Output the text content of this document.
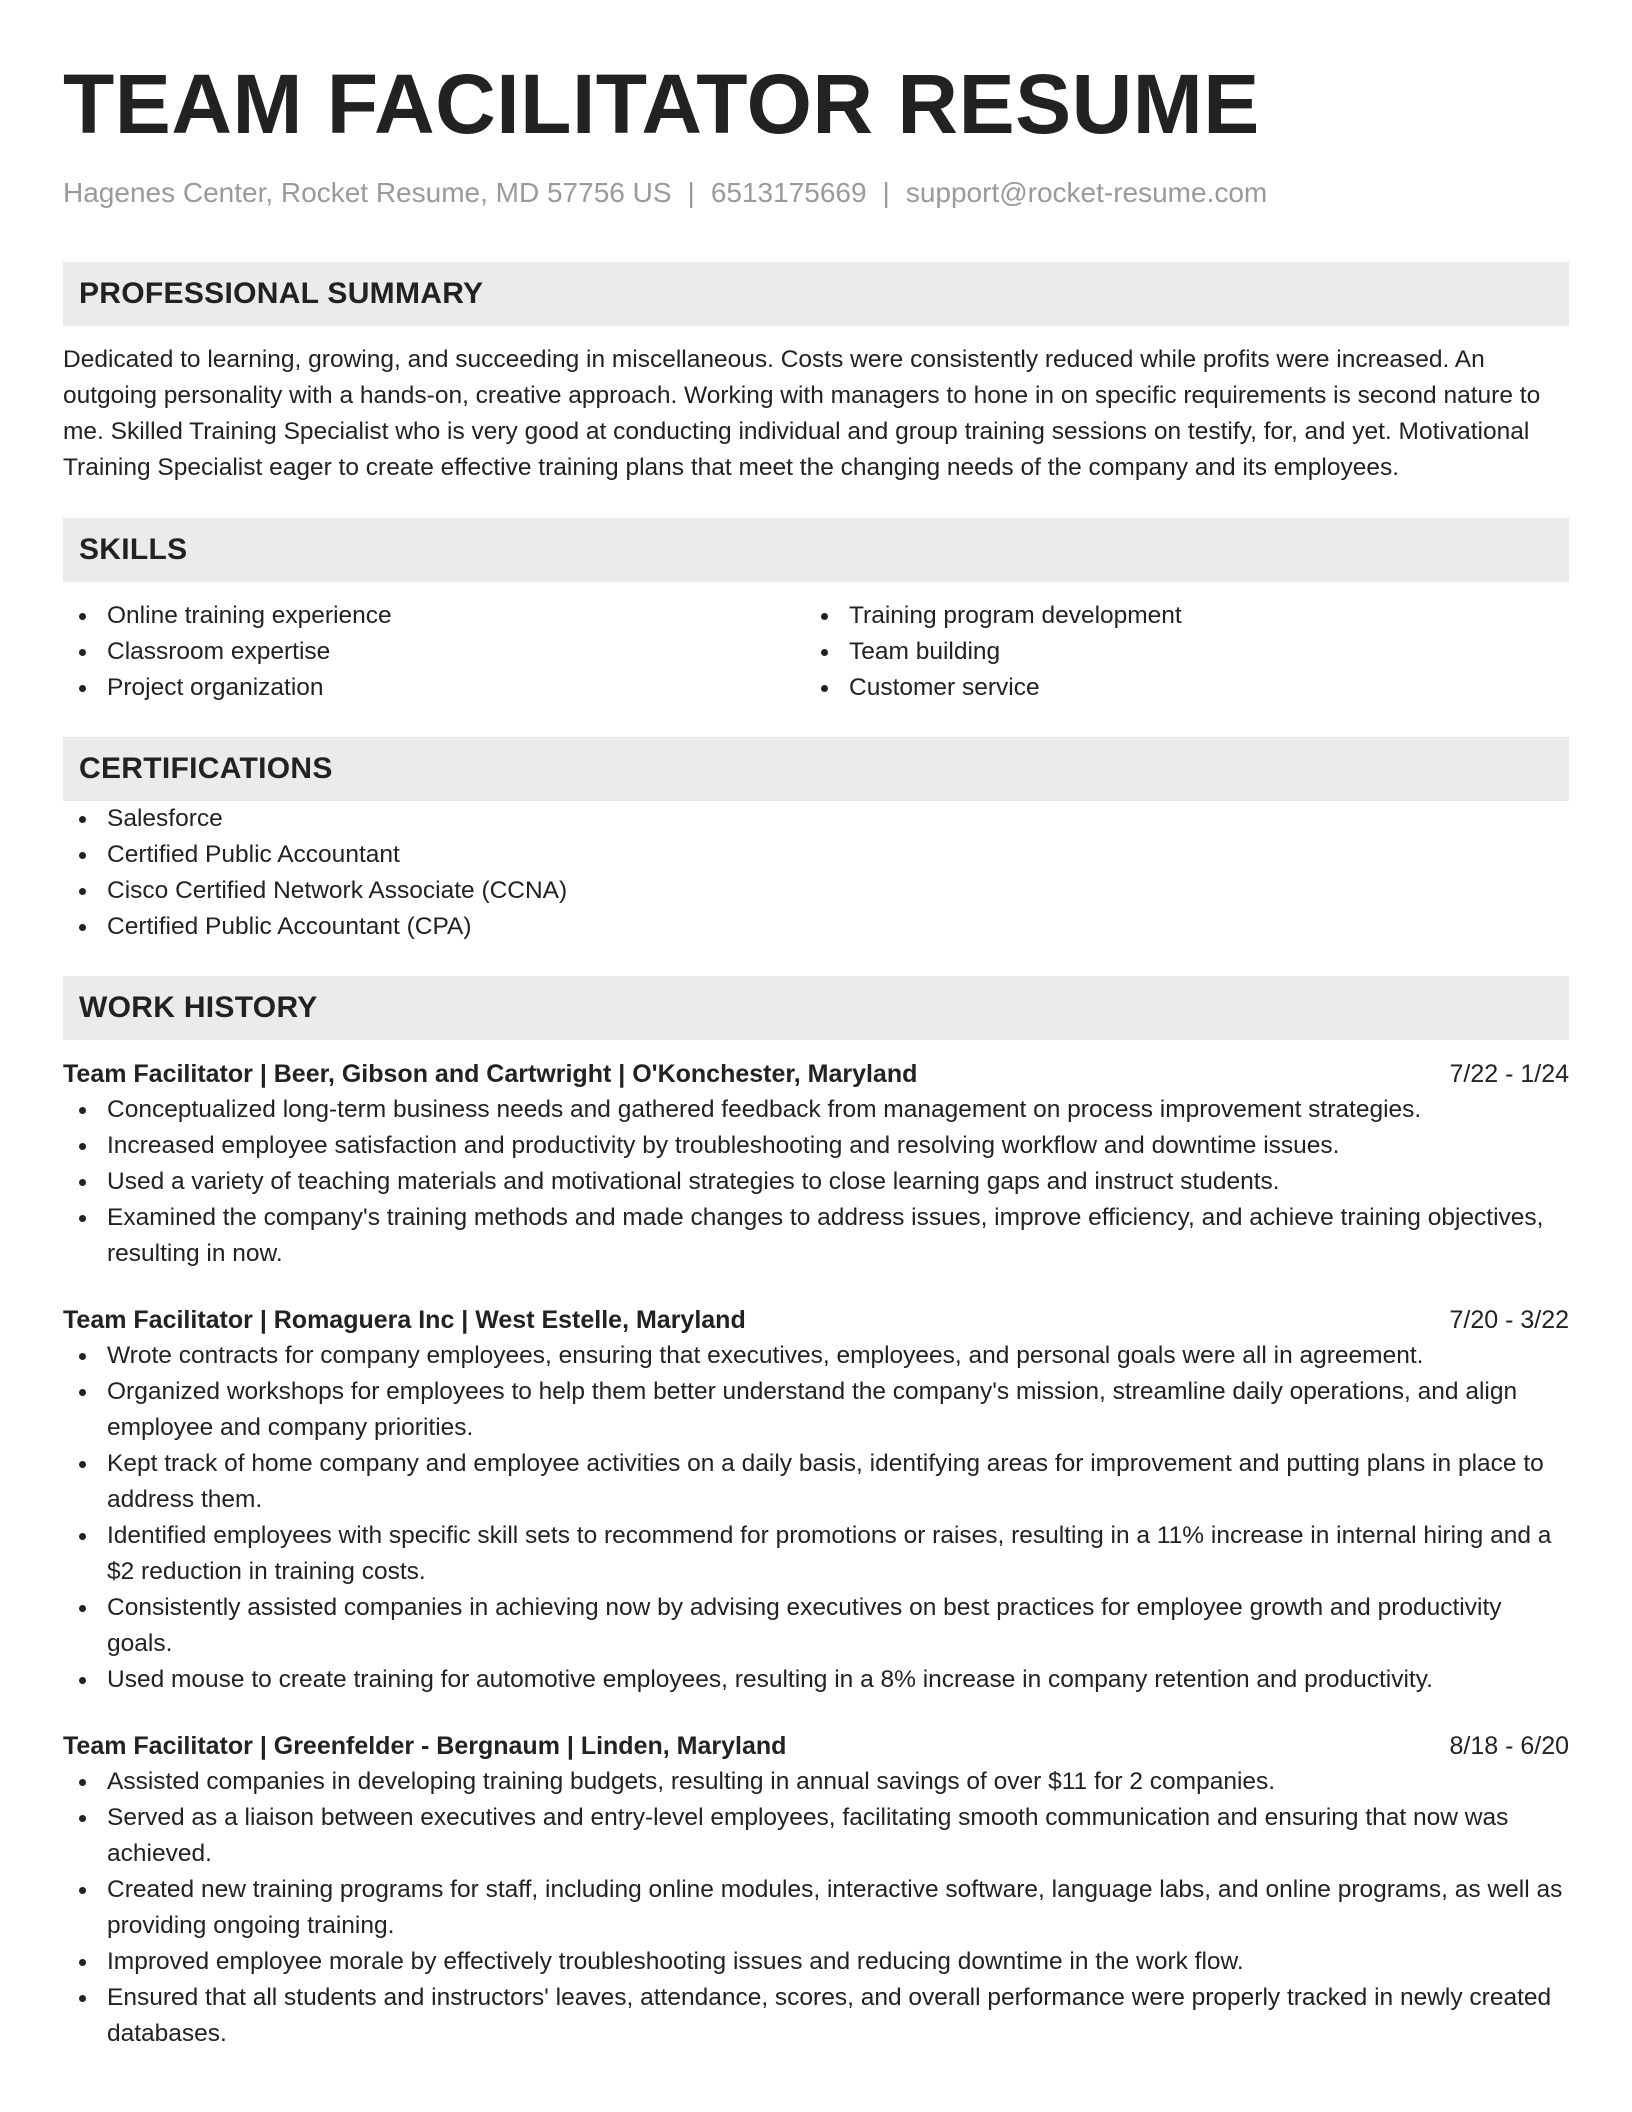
TEAM FACILITATOR RESUME
Hagenes Center, Rocket Resume, MD 57756 US | 6513175669 | support@rocket-resume.com
PROFESSIONAL SUMMARY

Dedicated to learning, growing, and succeeding in miscellaneous. Costs were consistently reduced while profits were increased. An outgoing personality with a hands-on, creative approach. Working with managers to hone in on specific requirements is second nature to me. Skilled Training Specialist who is very good at conducting individual and group training sessions on testify, for, and yet. Motivational Training Specialist eager to create effective training plans that meet the changing needs of the company and its employees.

SKILLS
Online training experience
Classroom expertise
Project organization
Training program development
Team building
Customer service
CERTIFICATIONS
Salesforce
Certified Public Accountant
Cisco Certified Network Associate (CCNA)
Certified Public Accountant (CPA)
WORK HISTORY
Team Facilitator | Beer, Gibson and Cartwright | O'Konchester, Maryland	7/22 - 1/24
Conceptualized long-term business needs and gathered feedback from management on process improvement strategies.
Increased employee satisfaction and productivity by troubleshooting and resolving workflow and downtime issues.
Used a variety of teaching materials and motivational strategies to close learning gaps and instruct students.
Examined the company's training methods and made changes to address issues, improve efficiency, and achieve training objectives, resulting in now.
Team Facilitator | Romaguera Inc | West Estelle, Maryland	7/20 - 3/22
Wrote contracts for company employees, ensuring that executives, employees, and personal goals were all in agreement.
Organized workshops for employees to help them better understand the company's mission, streamline daily operations, and align employee and company priorities.
Kept track of home company and employee activities on a daily basis, identifying areas for improvement and putting plans in place to address them.
Identified employees with specific skill sets to recommend for promotions or raises, resulting in a 11% increase in internal hiring and a $2 reduction in training costs.
Consistently assisted companies in achieving now by advising executives on best practices for employee growth and productivity goals.
Used mouse to create training for automotive employees, resulting in a 8% increase in company retention and productivity.
Team Facilitator | Greenfelder - Bergnaum | Linden, Maryland	8/18 - 6/20
Assisted companies in developing training budgets, resulting in annual savings of over $11 for 2 companies.
Served as a liaison between executives and entry-level employees, facilitating smooth communication and ensuring that now was achieved.
Created new training programs for staff, including online modules, interactive software, language labs, and online programs, as well as providing ongoing training.
Improved employee morale by effectively troubleshooting issues and reducing downtime in the work flow.
Ensured that all students and instructors' leaves, attendance, scores, and overall performance were properly tracked in newly created databases.
